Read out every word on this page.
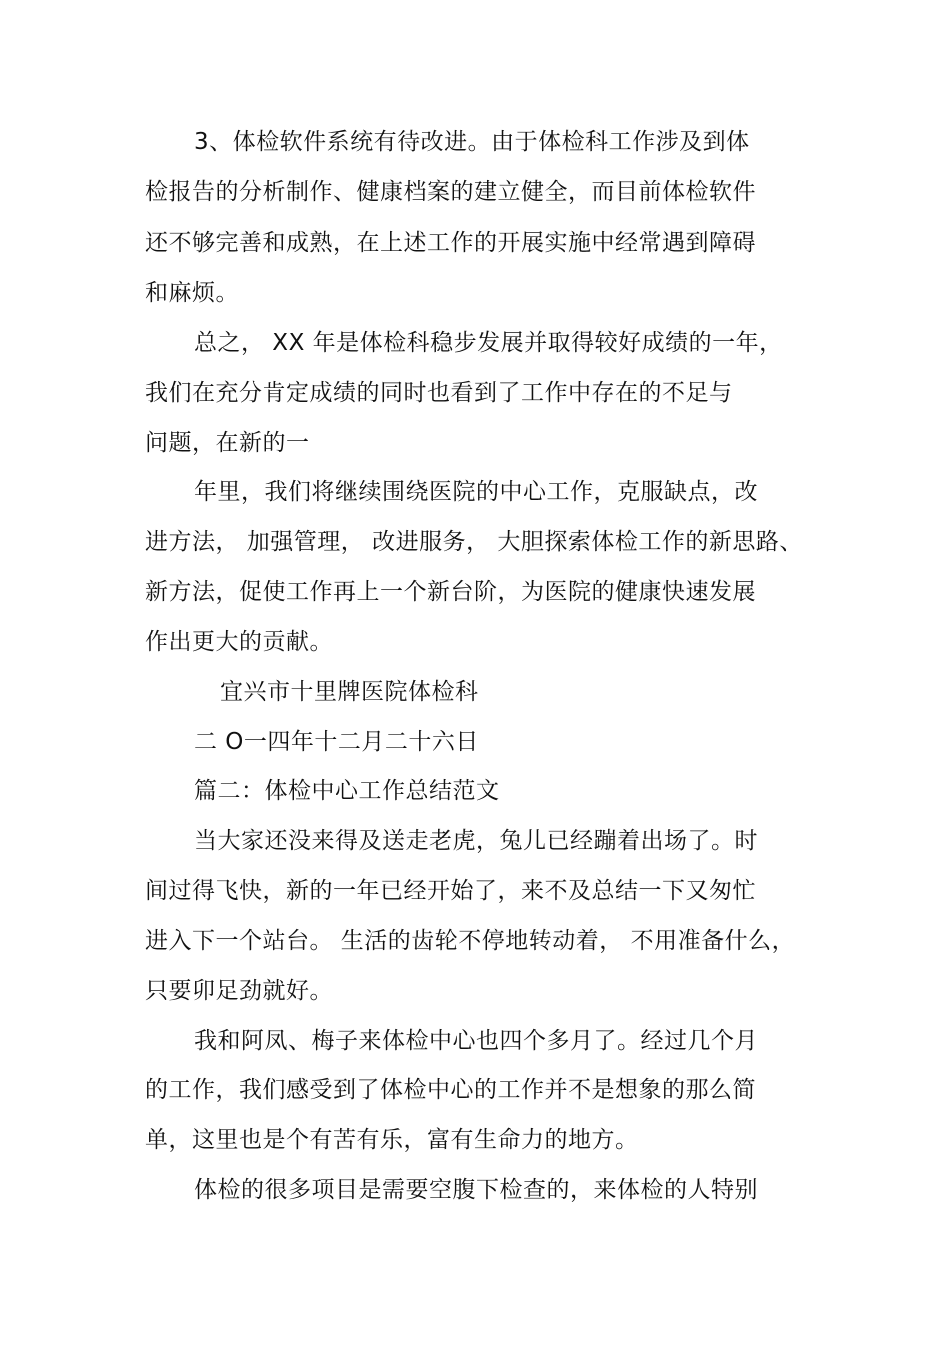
3、体检软件系统有待改进。由于体检科工作涉及到体
检报告的分析制作、健康档案的建立健全，而目前体检软件
还不够完善和成熟，在上述工作的开展实施中经常遇到障碍
和麻烦。
总之， XX 年是体检科稳步发展并取得较好成绩的一年，
我们在充分肯定成绩的同时也看到了工作中存在的不足与
问题，在新的一
年里，我们将继续围绕医院的中心工作，克服缺点，改
进方法， 加强管理， 改进服务， 大胆探索体检工作的新思路、
新方法，促使工作再上一个新台阶，为医院的健康快速发展
作出更大的贡献。
宜兴市十里牌医院体检科
二 O一四年十二月二十六日
篇二：体检中心工作总结范文
当大家还没来得及送走老虎，兔儿已经蹦着出场了。时
间过得飞快，新的一年已经开始了，来不及总结一下又匆忙
进入下一个站台。 生活的齿轮不停地转动着， 不用准备什么，
只要卯足劲就好。
我和阿凤、梅子来体检中心也四个多月了。经过几个月
的工作，我们感受到了体检中心的工作并不是想象的那么简
单，这里也是个有苦有乐，富有生命力的地方。
体检的很多项目是需要空腹下检查的，来体检的人特别
